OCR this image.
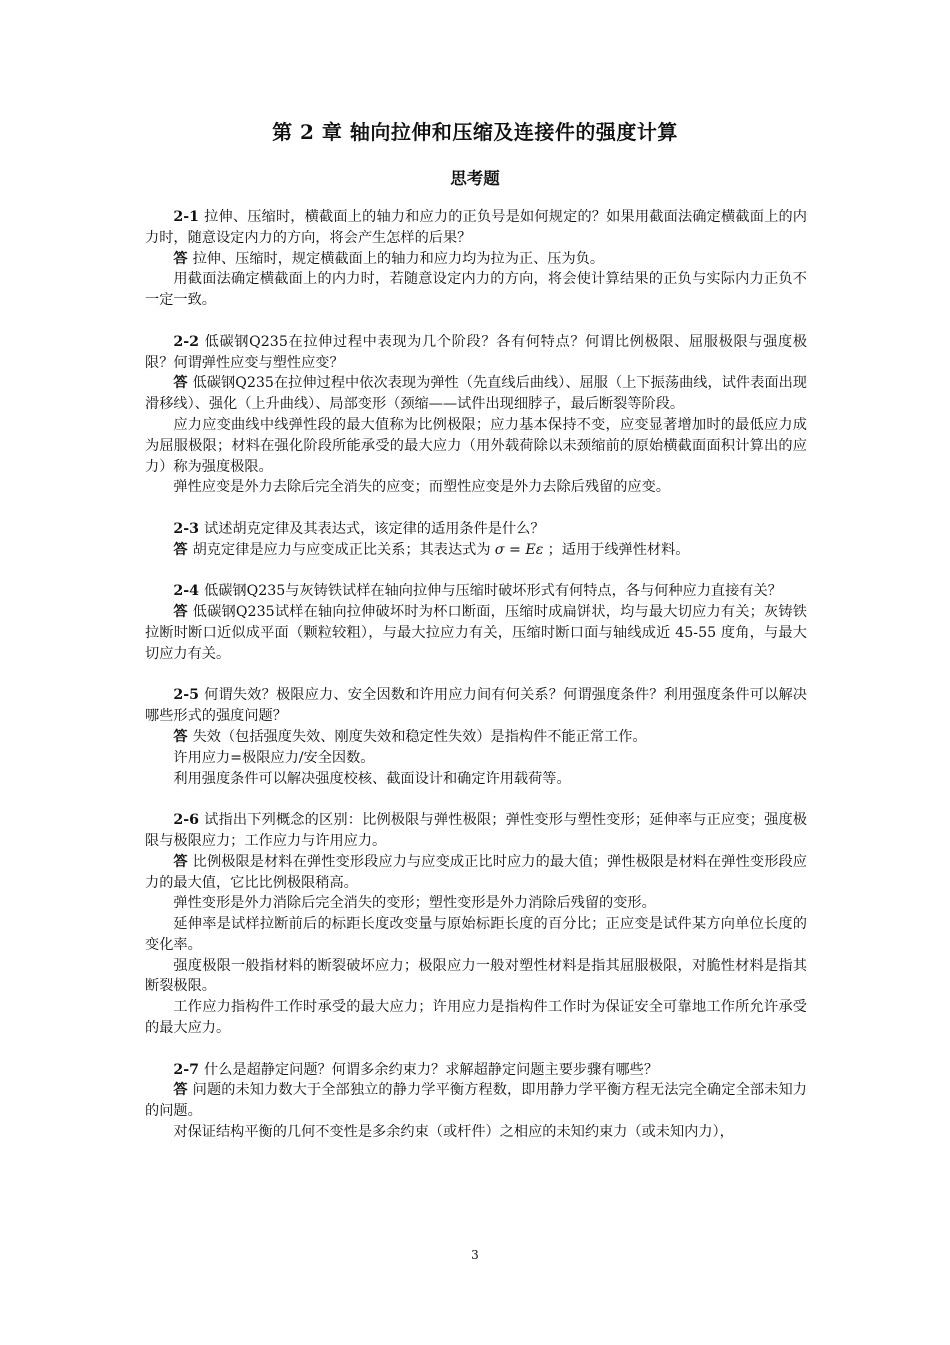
第 2 章 轴向拉伸和压缩及连接件的强度计算
思考题

2-1 拉伸、压缩时，横截面上的轴力和应力的正负号是如何规定的？如果用截面法确定横截面上的内力时，随意设定内力的方向，将会产生怎样的后果？

答 拉伸、压缩时，规定横截面上的轴力和应力均为拉为正、压为负。

用截面法确定横截面上的内力时，若随意设定内力的方向，将会使计算结果的正负与实际内力正负不一定一致。

2-2 低碳钢Q235在拉伸过程中表现为几个阶段？各有何特点？何谓比例极限、屈服极限与强度极限？何谓弹性应变与塑性应变？

答 低碳钢Q235在拉伸过程中依次表现为弹性（先直线后曲线）、屈服（上下振荡曲线，试件表面出现滑移线）、强化（上升曲线）、局部变形（颈缩——试件出现细脖子，最后断裂等阶段。

应力应变曲线中线弹性段的最大值称为比例极限；应力基本保持不变，应变显著增加时的最低应力成为屈服极限；材料在强化阶段所能承受的最大应力（用外载荷除以未颈缩前的原始横截面面积计算出的应力）称为强度极限。

弹性应变是外力去除后完全消失的应变；而塑性应变是外力去除后残留的应变。

2-3 试述胡克定律及其表达式，该定律的适用条件是什么？

答 胡克定律是应力与应变成正比关系；其表达式为 σ = Eε ；适用于线弹性材料。

2-4 低碳钢Q235与灰铸铁试样在轴向拉伸与压缩时破坏形式有何特点，各与何种应力直接有关？

答 低碳钢Q235试样在轴向拉伸破坏时为杯口断面，压缩时成扁饼状，均与最大切应力有关；灰铸铁拉断时断口近似成平面（颗粒较粗），与最大拉应力有关，压缩时断口面与轴线成近 45-55 度角，与最大切应力有关。

2-5 何谓失效？极限应力、安全因数和许用应力间有何关系？何谓强度条件？利用强度条件可以解决哪些形式的强度问题？

答 失效（包括强度失效、刚度失效和稳定性失效）是指构件不能正常工作。

许用应力=极限应力/安全因数。

利用强度条件可以解决强度校核、截面设计和确定许用载荷等。

2-6 试指出下列概念的区别：比例极限与弹性极限；弹性变形与塑性变形；延伸率与正应变；强度极限与极限应力；工作应力与许用应力。

答 比例极限是材料在弹性变形段应力与应变成正比时应力的最大值；弹性极限是材料在弹性变形段应力的最大值，它比比例极限稍高。

弹性变形是外力消除后完全消失的变形；塑性变形是外力消除后残留的变形。

延伸率是试样拉断前后的标距长度改变量与原始标距长度的百分比；正应变是试件某方向单位长度的变化率。

强度极限一般指材料的断裂破坏应力；极限应力一般对塑性材料是指其屈服极限，对脆性材料是指其断裂极限。

工作应力指构件工作时承受的最大应力；许用应力是指构件工作时为保证安全可靠地工作所允许承受的最大应力。

2-7 什么是超静定问题？何谓多余约束力？求解超静定问题主要步骤有哪些？

答 问题的未知力数大于全部独立的静力学平衡方程数，即用静力学平衡方程无法完全确定全部未知力的问题。

对保证结构平衡的几何不变性是多余约束（或杆件）之相应的未知约束力（或未知内力），

3
